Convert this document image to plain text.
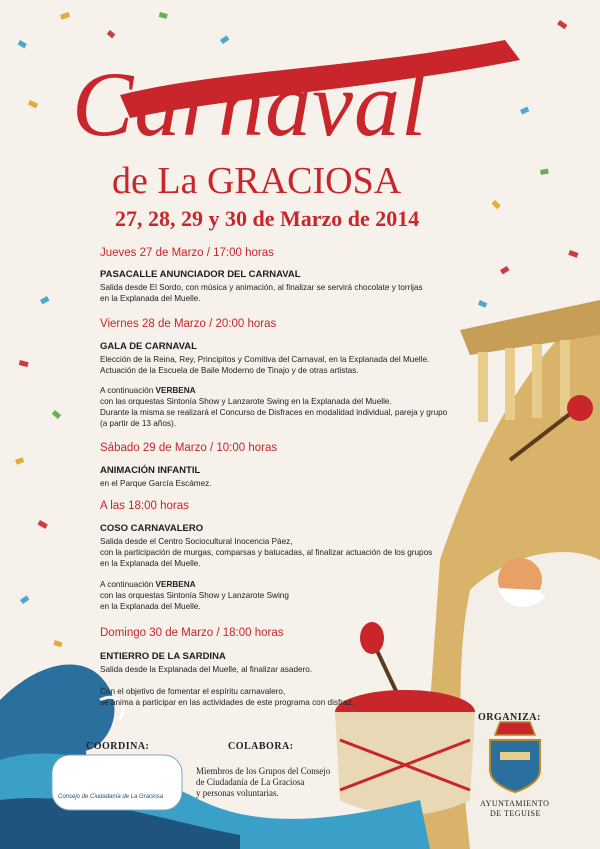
Carnaval
de La GRACIOSA
27, 28, 29 y 30 de Marzo de 2014
Jueves 27 de Marzo / 17:00 horas
PASACALLE ANUNCIADOR DEL CARNAVAL
Salida desde El Sordo, con música y animación, al finalizar se servirá chocolate y torrijas
en la Explanada del Muelle.
Viernes 28 de Marzo / 20:00 horas
GALA DE CARNAVAL
Elección de la Reina, Rey, Principitos y Comitiva del Carnaval, en la Explanada del Muelle.
Actuación de la Escuela de Baile Moderno de Tinajo y de otras artistas.
A continuación VERBENA
con las orquestas Sintonía Show y Lanzarote Swing en la Explanada del Muelle.
Durante la misma se realizará el Concurso de Disfraces en modalidad individual, pareja y grupo
(a partir de 13 años).
Sábado 29 de Marzo / 10:00 horas
ANIMACIÓN INFANTIL
en el Parque García Escámez.
A las 18:00 horas
COSO CARNAVALERO
Salida desde el Centro Sociocultural Inocencia Páez,
con la participación de murgas, comparsas y batucadas, al finalizar actuación de los grupos
en la Explanada del Muelle.
A continuación VERBENA
con las orquestas Sintonía Show y Lanzarote Swing
en la Explanada del Muelle.
Domingo 30 de Marzo / 18:00 horas
ENTIERRO DE LA SARDINA
Salida desde la Explanada del Muelle, al finalizar asadero.
Con el objetivo de fomentar el espíritu carnavalero,
se anima a participar en las actividades de este programa con disfraz.
COORDINA:
Consejo de Ciudadanía de La Graciosa
COLABORA:
Miembros de los Grupos del Consejo
de Ciudadanía de La Graciosa
y personas voluntarias.
ORGANIZA:
AYUNTAMIENTO
DE TEGUISE
